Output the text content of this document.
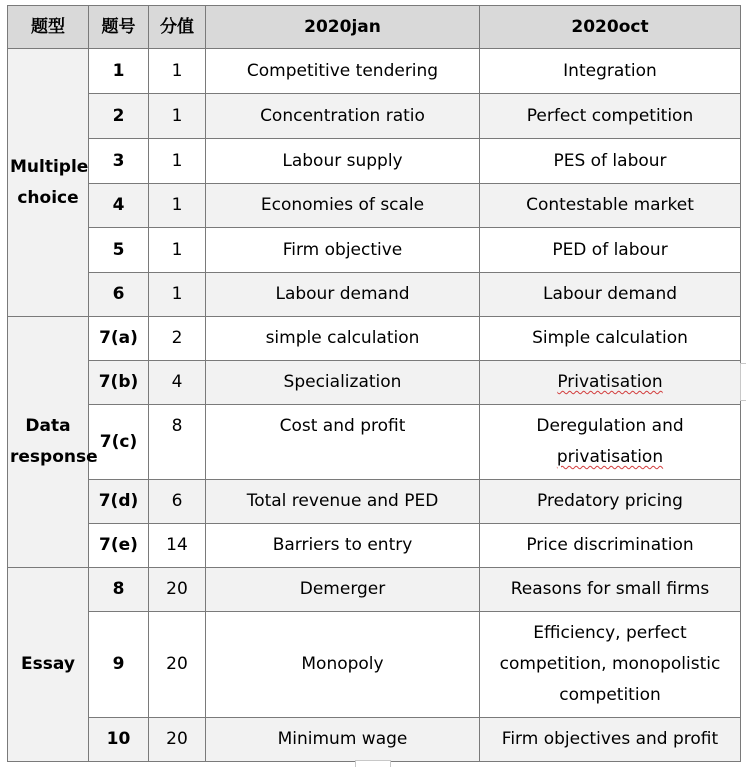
题型	题号	分值	2020jan	2020oct
Multiple choice	1	1	Competitive tendering	Integration
	2	1	Concentration ratio	Perfect competition
	3	1	Labour supply	PES of labour
	4	1	Economies of scale	Contestable market
	5	1	Firm objective	PED of labour
	6	1	Labour demand	Labour demand
Data response	7(a)	2	simple calculation	Simple calculation
	7(b)	4	Specialization	Privatisation
	7(c)	8	Cost and profit	Deregulation and
privatisation

	7(d)	6	Total revenue and PED	Predatory pricing
	7(e)	14	Barriers to entry	Price discrimination
Essay	8	20	Demerger	Reasons for small firms
	9	20	Monopoly	Efficiency, perfect competition, monopolistic competition
	10	20	Minimum wage	Firm objectives and profit
